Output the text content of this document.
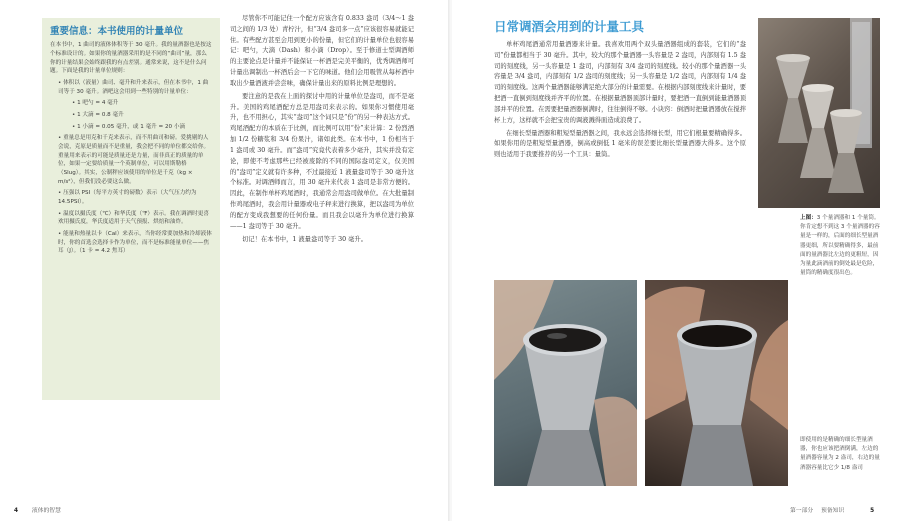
重要信息：本书使用的计量单位

在本书中，1 曲司的液体体积等于 30 毫升。我的量酒器也是按这个标准设计的。如果你的量酒器采用的是不同的“曲司”量，那么你的计量结果会始终跟我的有点差别。通常来说，这不是什么问题。下面是我的计量单位规则：

• 体积以（液量）曲司、毫升和升来表示，但在本书中，1 曲司等于 30 毫升。酒吧这会用到一些特别的计量单位：

• 1 吧勺 = 4 毫升

• 1 大滴 = 0.8 毫升

• 1 小滴 = 0.05 毫升，或 1 毫升 = 20 小滴

• 重量总是用克和千克来表示，而不用曲司和磅。爱挑剔的人会说，克原是质量而不是重量，我会把不同的单位都交给你。重量用来表示的可能是质量还是力量，而非真正的质量的单位，如果一定要给质量一个英制单位，可以用斯勒格（Slug）。其实，公制秤应该使用的单位是千克（kg × m/s²），但我们没必要这么做。

• 压强以 PSI（每平方英寸的磅数）表示（大气压力约为 14.5PSI）。

• 温度以摄氏度（℃）和华氏度（℉）表示。我在调酒时更喜欢用摄氏度，华氏度适用于天气预报、烘焙和油炸。

• 能量和热量以卡（Cal）来表示，当你经常要加热和冷却液体时，你的首选会选择卡作为单位，而不是标准能量单位——焦耳（J）。（1 卡 = 4.2 焦耳）

尽管你不可能记住一个配方应该含有 0.833 盎司（3/4～1 盎司之间的 1/3 处）青柠汁，但“3/4 盎司多一点”应该很容易就能记住。有些配方甚至会用到更小的份量，但它们的计量单位也很容易记：吧勺，大滴（Dash）和小滴（Drop）。至于修道士型调酒师的主要论点是计量并不能保证一杯酒是完美平衡的，优秀调酒师可计量出调制出一杯酒后会一下它的味道。他们会用吸管从每杯酒中取出少量酒液并尝尝味，确保计量出来的原料比例是理想的。

要注意的是我在上面的探讨中用的计量单位是盎司，而不是毫升。美国的鸡尾酒配方总是用盎司来表示的。如果你习惯使用毫升，也不用担心，其实“盎司”这个词只是“份”的另一种表达方式。鸡尾酒配方的本质在于比例，而比例可以用“份”来计算：2 份烈酒加 1/2 份糖浆和 3/4 份果汁，诸如此类。在本书中，1 份相当于 1 盎司或 30 毫升。而“盎司”究竟代表着多少毫升，其实并没有定论，即使不考虑那些已经被废除的不同的国际盎司定义，仅美国的“盎司”定义就有许多种，不过最接近 1 液量盎司等于 30 毫升这个标准。对调酒师而言，用 30 毫升来代表 1 盎司是非常方便的。因此，在制作单杯鸡尾酒时，我通常会用盎司做单位。在大批量制作鸡尾酒时，我会用计量器或电子秤来进行换算，把以盎司为单位的配方变成我想要的任何份量。而且我会以毫升为单位进行换算——1 盎司等于 30 毫升。

切记！在本书中，1 液量盎司等于 30 毫升。

4 液体的智慧
日常调酒会用到的计量工具

单杯鸡尾酒通常用量酒器来计量。我喜欢用两个双头量酒器组成的套装，它们的“盎司”份量都相当于 30 毫升。其中，较大的那个量酒器一头容量是 2 盎司，内部刻有 1.5 盎司的刻度线，另一头容量是 1 盎司，内部刻有 3/4 盎司的刻度线。较小的那个量酒器一头容量是 3/4 盎司，内部刻有 1/2 盎司的刻度线；另一头容量是 1/2 盎司，内部刻有 1/4 盎司的刻度线。这两个量酒器能够满足绝大部分的计量需要。在根据内部刻度线来计量时，要把酒一直倒到刻度线并齐平的位置。在根据量酒器顶部计量时，要把酒一直倒到能量酒器顶部并平的位置。在需要把量酒器倒满时，往往倒得不够。小诀窍：倒酒时把量酒器放在搅拌杯上方，这样就不会把宝贵的调液溅得面造成浪费了。

在细长型量酒器和粗短型量酒器之间，我永远会选择细长型，用它们根量要精确得多。如果你用的是粗短型量酒器，倒高或倒低 1 毫米的误差要比细长型量酒器大得多。这个原则也适用于我要推荐的另一个工具：量筒。

上图：3 个量酒器和 1 个量筒。你肯定想不到这 3 个量酒器的容量是一样的，后面的细长型量酒器更细，所以要精确得多，最前面的量酒器比左边的更粗短，因为量此滴酒前的倒处最是危险，量筒的精确度很出色。
即使用的是精确的细长型量酒器，你也应该把酒倒满，左边的量酒器容量为 2 盎司，右边的量酒器容量比它少 1/8 盎司
第一部分 预备知识	5
